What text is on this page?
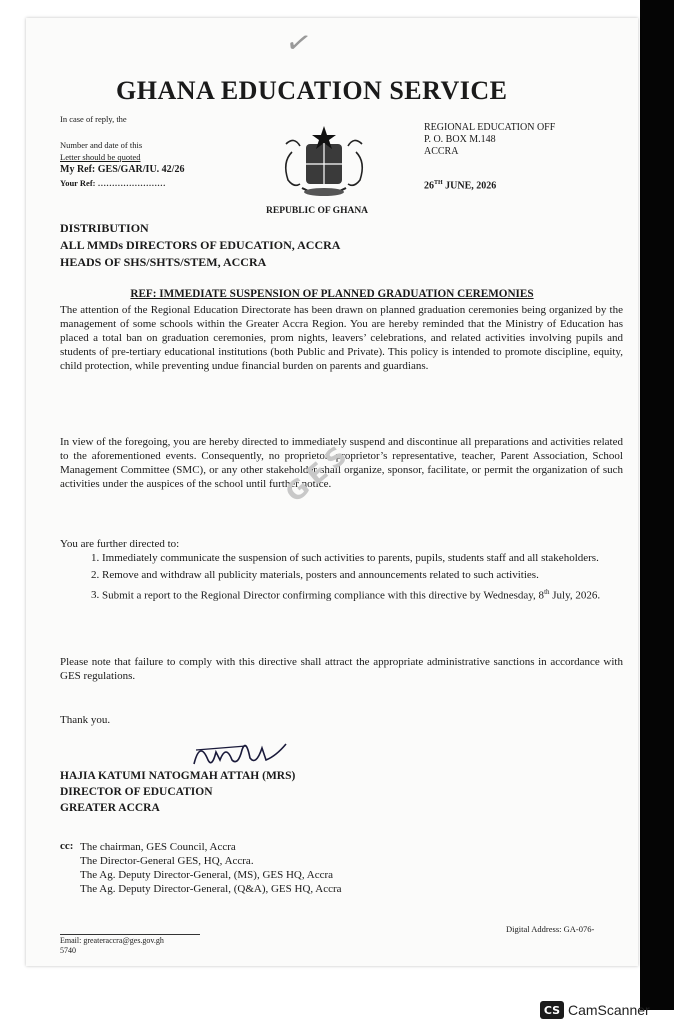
✓
GHANA EDUCATION SERVICE
In case of reply, the
Number and date of this
Letter should be quoted
My Ref: GES/GAR/IU. 42/26
Your Ref: ……………………
REPUBLIC OF GHANA
REGIONAL EDUCATION OFF
P. O. BOX M.148
ACCRA
26TH JUNE, 2026
DISTRIBUTION
ALL MMDs DIRECTORS OF EDUCATION, ACCRA
HEADS OF SHS/SHTS/STEM, ACCRA
REF: IMMEDIATE SUSPENSION OF PLANNED GRADUATION CEREMONIES
The attention of the Regional Education Directorate has been drawn on planned graduation ceremonies being organized by the management of some schools within the Greater Accra Region. You are hereby reminded that the Ministry of Education has placed a total ban on graduation ceremonies, prom nights, leavers’ celebrations, and related activities involving pupils and students of pre-tertiary educational institutions (both Public and Private). This policy is intended to promote discipline, equity, child protection, while preventing undue financial burden on parents and guardians.
In view of the foregoing, you are hereby directed to immediately suspend and discontinue all preparations and activities related to the aforementioned events. Consequently, no proprietor, proprietor’s representative, teacher, Parent Association, School Management Committee (SMC), or any other stakeholder shall organize, sponsor, facilitate, or permit the organization of such activities under the auspices of the school until further notice.
GES
You are further directed to:
1. Immediately communicate the suspension of such activities to parents, pupils, students staff and all stakeholders.
2. Remove and withdraw all publicity materials, posters and announcements related to such activities.
3. Submit a report to the Regional Director confirming compliance with this directive by Wednesday, 8th July, 2026.
Please note that failure to comply with this directive shall attract the appropriate administrative sanctions in accordance with GES regulations.
Thank you.
HAJIA KATUMI NATOGMAH ATTAH (MRS)
DIRECTOR OF EDUCATION
GREATER ACCRA
cc: The chairman, GES Council, Accra
The Director-General GES, HQ, Accra.
The Ag. Deputy Director-General, (MS), GES HQ, Accra
The Ag. Deputy Director-General, (Q&A), GES HQ, Accra
Email: greateraccra@ges.gov.gh
5740
Digital Address: GA-076-
CS CamScanner
